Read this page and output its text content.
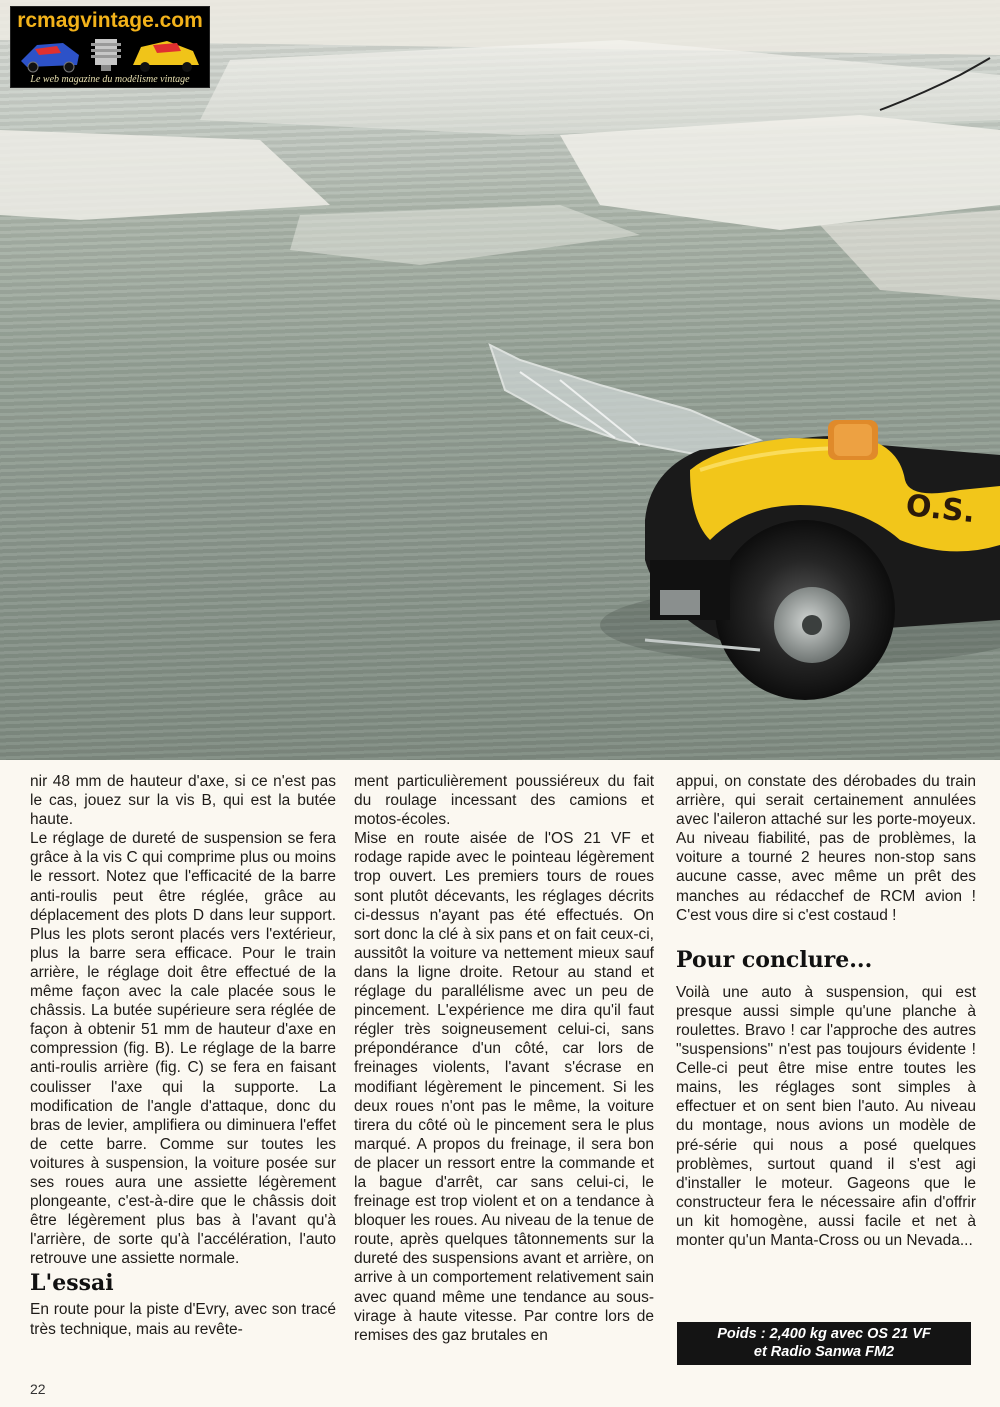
O.S.
rcmagvintage.com
Le web magazine du modélisme vintage

nir 48 mm de hauteur d'axe, si ce n'est pas le cas, jouez sur la vis B, qui est la butée haute.

Le réglage de dureté de suspension se fera grâce à la vis C qui comprime plus ou moins le ressort. Notez que l'efficacité de la barre anti-roulis peut être réglée, grâce au déplacement des plots D dans leur support. Plus les plots seront placés vers l'extérieur, plus la barre sera efficace. Pour le train arrière, le réglage doit être effectué de la même façon avec la cale placée sous le châssis. La butée supérieure sera réglée de façon à obtenir 51 mm de hauteur d'axe en compression (fig. B). Le réglage de la barre anti-roulis arrière (fig. C) se fera en faisant coulisser l'axe qui la supporte. La modification de l'angle d'attaque, donc du bras de levier, amplifiera ou diminuera l'effet de cette barre. Comme sur toutes les voitures à suspension, la voiture posée sur ses roues aura une assiette légèrement plongeante, c'est-à-dire que le châssis doit être légèrement plus bas à l'avant qu'à l'arrière, de sorte qu'à l'accélération, l'auto retrouve une assiette normale.

L'essai

En route pour la piste d'Evry, avec son tracé très technique, mais au revête-

ment particulièrement poussiéreux du fait du roulage incessant des camions et motos-écoles.

Mise en route aisée de l'OS 21 VF et rodage rapide avec le pointeau légèrement trop ouvert. Les premiers tours de roues sont plutôt décevants, les réglages décrits ci-dessus n'ayant pas été effectués. On sort donc la clé à six pans et on fait ceux-ci, aussitôt la voiture va nettement mieux sauf dans la ligne droite. Retour au stand et réglage du parallélisme avec un peu de pincement. L'expérience me dira qu'il faut régler très soigneusement celui-ci, sans prépondérance d'un côté, car lors de freinages violents, l'avant s'écrase en modifiant légèrement le pincement. Si les deux roues n'ont pas le même, la voiture tirera du côté où le pincement sera le plus marqué. A propos du freinage, il sera bon de placer un ressort entre la commande et la bague d'arrêt, car sans celui-ci, le freinage est trop violent et on a tendance à bloquer les roues. Au niveau de la tenue de route, après quelques tâtonnements sur la dureté des suspensions avant et arrière, on arrive à un comportement relativement sain avec quand même une tendance au sous-virage à haute vitesse. Par contre lors de remises des gaz brutales en

appui, on constate des dérobades du train arrière, qui serait certainement annulées avec l'aileron attaché sur les porte-moyeux. Au niveau fiabilité, pas de problèmes, la voiture a tourné 2 heures non-stop sans aucune casse, avec même un prêt des manches au rédacchef de RCM avion ! C'est vous dire si c'est costaud !

Pour conclure...

Voilà une auto à suspension, qui est presque aussi simple qu'une planche à roulettes. Bravo ! car l'approche des autres "suspensions" n'est pas toujours évidente ! Celle-ci peut être mise entre toutes les mains, les réglages sont simples à effectuer et on sent bien l'auto. Au niveau du montage, nous avions un modèle de pré-série qui nous a posé quelques problèmes, surtout quand il s'est agi d'installer le moteur. Gageons que le constructeur fera le nécessaire afin d'offrir un kit homogène, aussi facile et net à monter qu'un Manta-Cross ou un Nevada...

Poids : 2,400 kg avec OS 21 VF
et Radio Sanwa FM2
22
